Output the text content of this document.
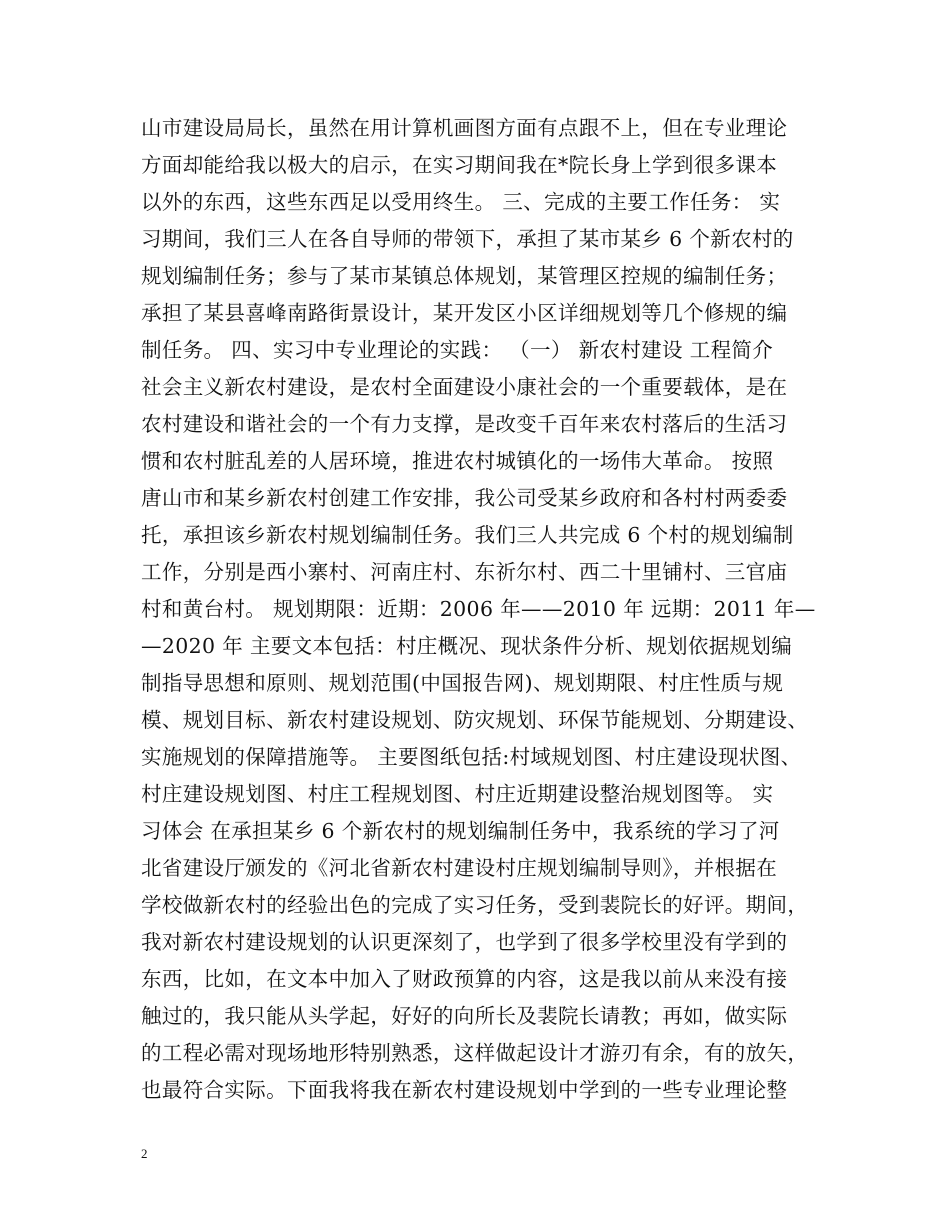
山市建设局局长，虽然在用计算机画图方面有点跟不上，但在专业理论
方面却能给我以极大的启示，在实习期间我在*院长身上学到很多课本
以外的东西，这些东西足以受用终生。 三、完成的主要工作任务： 实
习期间，我们三人在各自导师的带领下，承担了某市某乡 6 个新农村的
规划编制任务；参与了某市某镇总体规划，某管理区控规的编制任务；
承担了某县喜峰南路街景设计，某开发区小区详细规划等几个修规的编
制任务。 四、实习中专业理论的实践： （一） 新农村建设 工程简介
社会主义新农村建设，是农村全面建设小康社会的一个重要载体，是在
农村建设和谐社会的一个有力支撑，是改变千百年来农村落后的生活习
惯和农村脏乱差的人居环境，推进农村城镇化的一场伟大革命。 按照
唐山市和某乡新农村创建工作安排，我公司受某乡政府和各村村两委委
托，承担该乡新农村规划编制任务。我们三人共完成 6 个村的规划编制
工作，分别是西小寨村、河南庄村、东祈尔村、西二十里铺村、三官庙
村和黄台村。 规划期限：近期：2006 年——2010 年 远期：2011 年—
—2020 年 主要文本包括：村庄概况、现状条件分析、规划依据规划编
制指导思想和原则、规划范围(中国报告网)、规划期限、村庄性质与规
模、规划目标、新农村建设规划、防灾规划、环保节能规划、分期建设、
实施规划的保障措施等。 主要图纸包括:村域规划图、村庄建设现状图、
村庄建设规划图、村庄工程规划图、村庄近期建设整治规划图等。 实
习体会 在承担某乡 6 个新农村的规划编制任务中，我系统的学习了河
北省建设厅颁发的《河北省新农村建设村庄规划编制导则》，并根据在
学校做新农村的经验出色的完成了实习任务，受到裴院长的好评。期间，
我对新农村建设规划的认识更深刻了，也学到了很多学校里没有学到的
东西，比如，在文本中加入了财政预算的内容，这是我以前从来没有接
触过的，我只能从头学起，好好的向所长及裴院长请教；再如，做实际
的工程必需对现场地形特别熟悉，这样做起设计才游刃有余，有的放矢，
也最符合实际。下面我将我在新农村建设规划中学到的一些专业理论整
2
